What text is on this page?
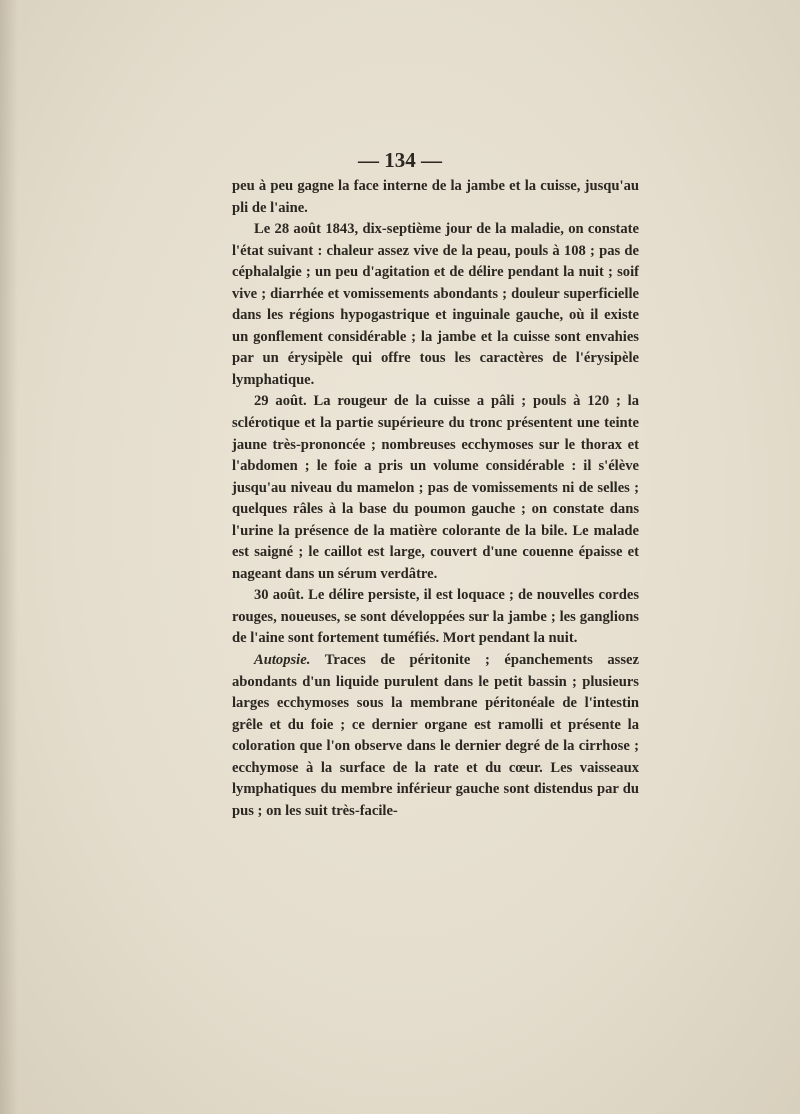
— 134 —

peu à peu gagne la face interne de la jambe et la cuisse, jusqu'au pli de l'aine.

Le 28 août 1843, dix-septième jour de la maladie, on constate l'état suivant : chaleur assez vive de la peau, pouls à 108 ; pas de céphalalgie ; un peu d'agitation et de délire pendant la nuit ; soif vive ; diarrhée et vomissements abondants ; douleur superficielle dans les régions hypogastrique et inguinale gauche, où il existe un gonflement considérable ; la jambe et la cuisse sont envahies par un érysipèle qui offre tous les caractères de l'érysipèle lymphatique.

29 août. La rougeur de la cuisse a pâli ; pouls à 120 ; la sclérotique et la partie supérieure du tronc présentent une teinte jaune très-prononcée ; nombreuses ecchymoses sur le thorax et l'abdomen ; le foie a pris un volume considérable : il s'élève jusqu'au niveau du mamelon ; pas de vomissements ni de selles ; quelques râles à la base du poumon gauche ; on constate dans l'urine la présence de la matière colorante de la bile. Le malade est saigné ; le caillot est large, couvert d'une couenne épaisse et nageant dans un sérum verdâtre.

30 août. Le délire persiste, il est loquace ; de nouvelles cordes rouges, noueuses, se sont développées sur la jambe ; les ganglions de l'aine sont fortement tuméfiés. Mort pendant la nuit.

Autopsie. Traces de péritonite ; épanchements assez abondants d'un liquide purulent dans le petit bassin ; plusieurs larges ecchymoses sous la membrane péritonéale de l'intestin grêle et du foie ; ce dernier organe est ramolli et présente la coloration que l'on observe dans le dernier degré de la cirrhose ; ecchymose à la surface de la rate et du cœur. Les vaisseaux lymphatiques du membre inférieur gauche sont distendus par du pus ; on les suit très-facile-
